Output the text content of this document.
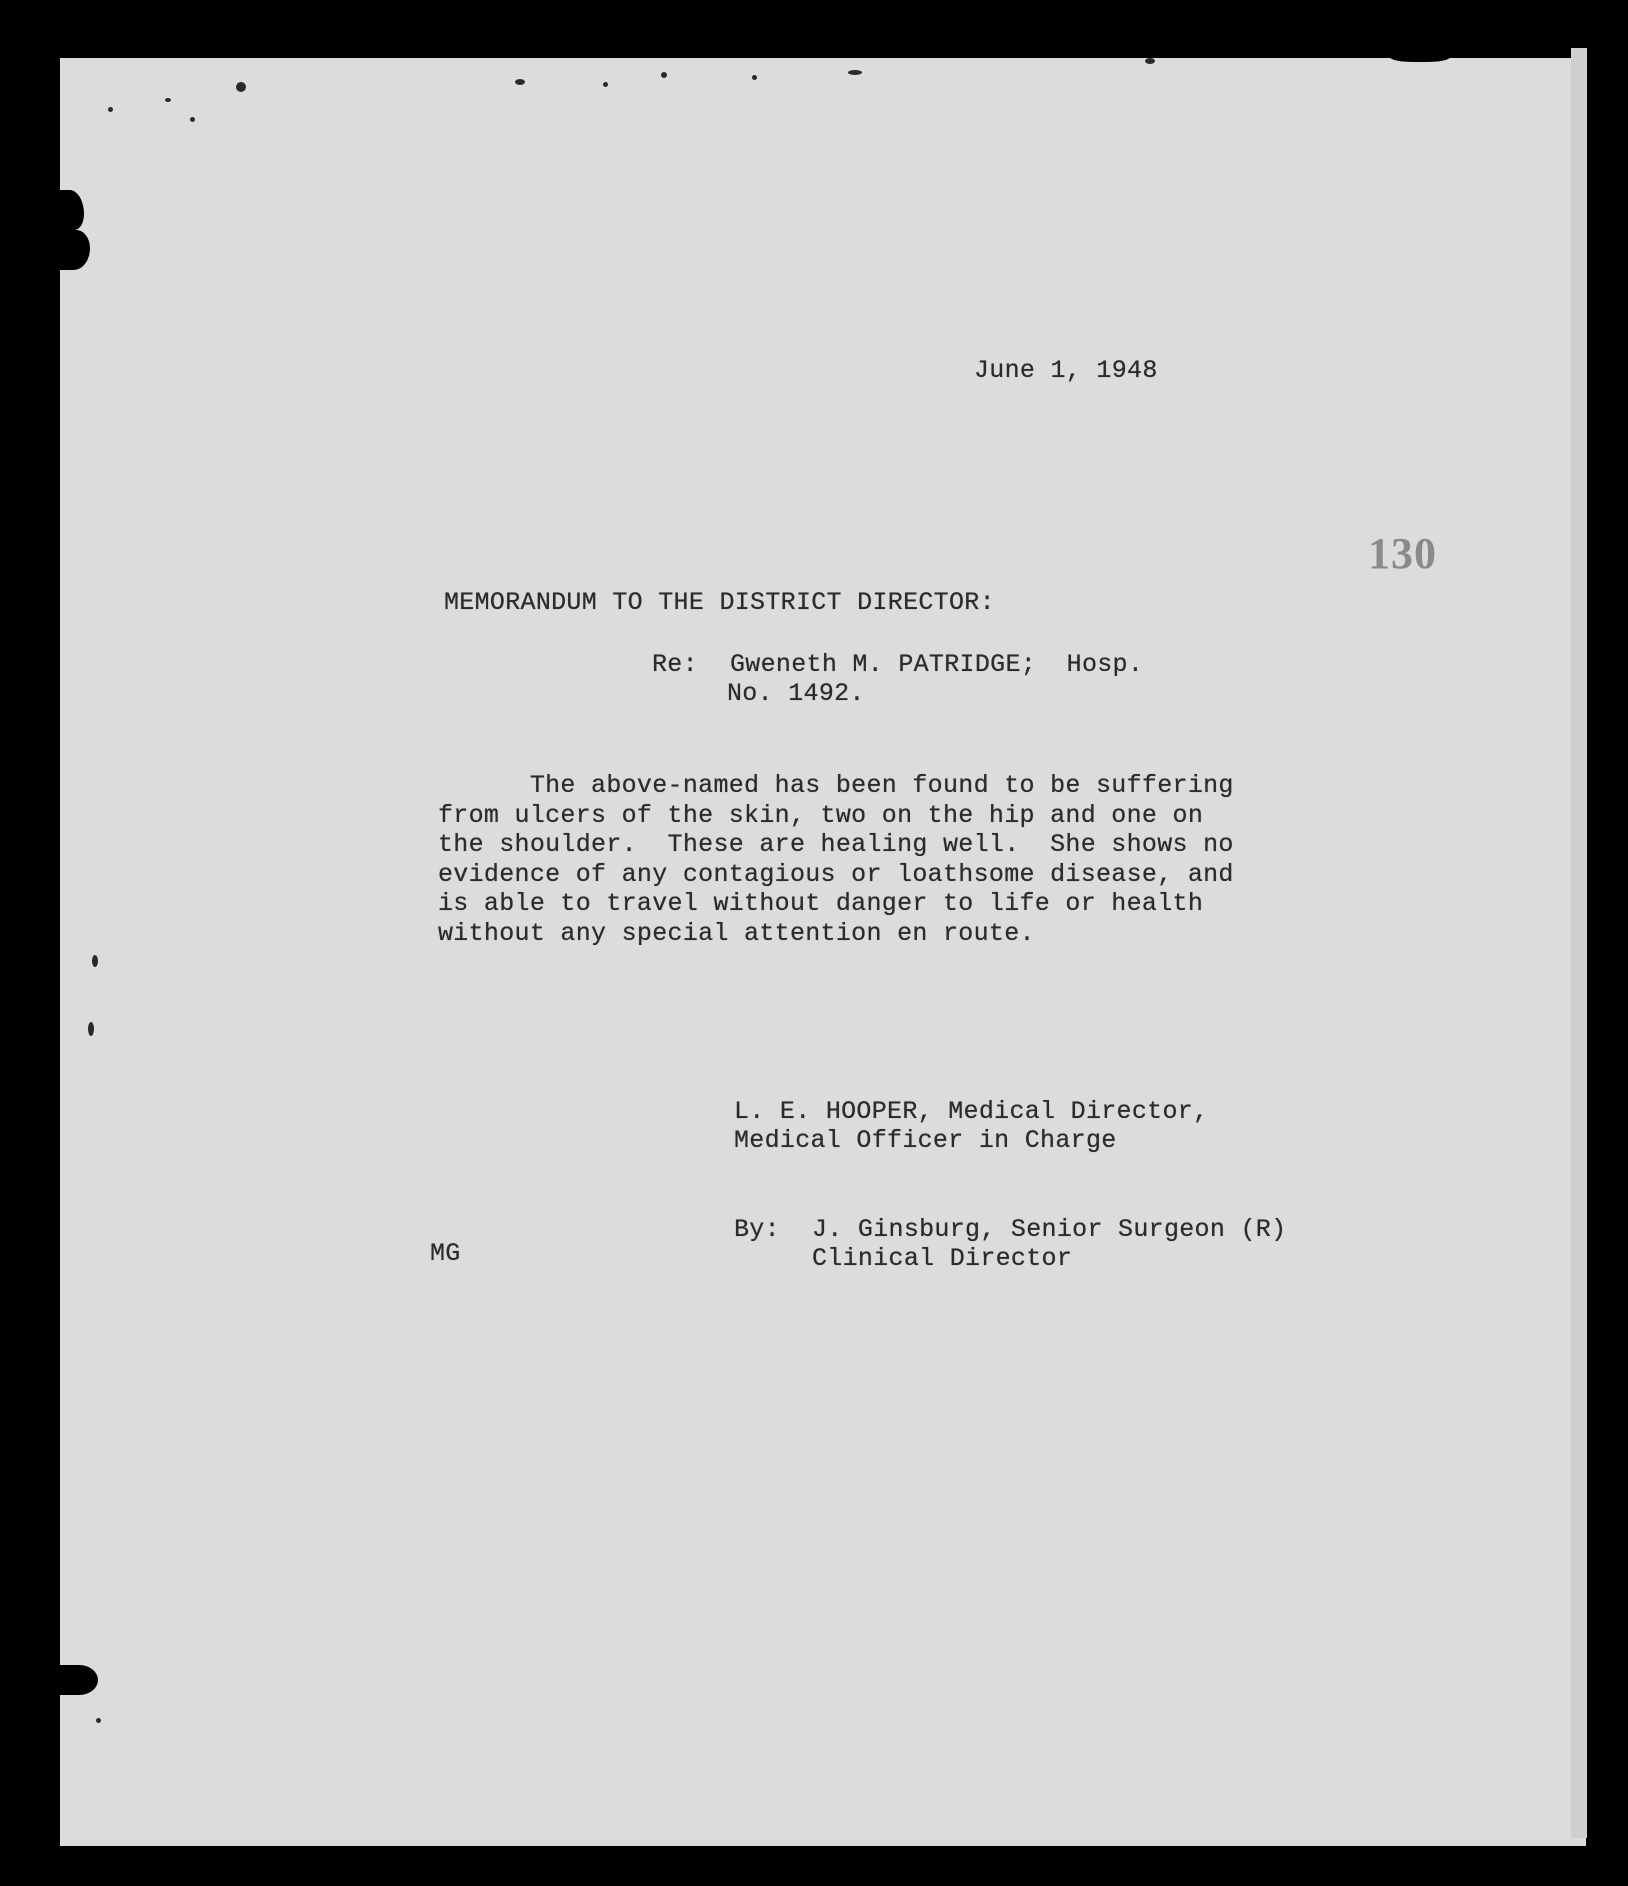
June 1, 1948
130
MEMORANDUM TO THE DISTRICT DIRECTOR:
Re: Gweneth M. PATRIDGE;  Hosp.
No. 1492.
The above-named has been found to be suffering
from ulcers of the skin, two on the hip and one on
the shoulder.  These are healing well.  She shows no
evidence of any contagious or loathsome disease, and
is able to travel without danger to life or health
without any special attention en route.
L. E. HOOPER, Medical Director,
Medical Officer in Charge
By: J. Ginsburg, Senior Surgeon (R)
Clinical Director
MG
